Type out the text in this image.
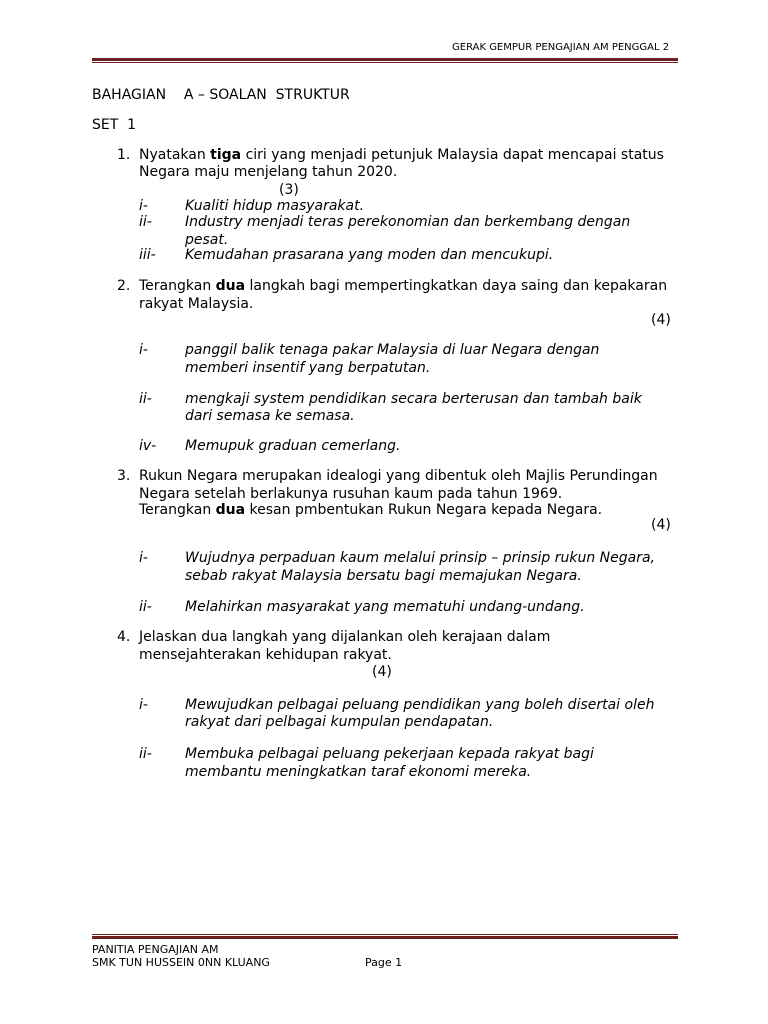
GERAK GEMPUR PENGAJIAN AM PENGGAL 2
BAHAGIAN    A – SOALAN  STRUKTUR
SET  1
1. Nyatakan tiga ciri yang menjadi petunjuk Malaysia dapat mencapai status
Negara maju menjelang tahun 2020.
(3)
i-	Kualiti hidup masyarakat.
ii- Industry menjadi teras perekonomian dan berkembang dengan
pesat.
iii- Kemudahan prasarana yang moden dan mencukupi.
2. Terangkan dua langkah bagi mempertingkatkan daya saing dan kepakaran
rakyat Malaysia.
(4)
i-	panggil balik tenaga pakar Malaysia di luar Negara dengan
memberi insentif yang berpatutan.
ii- mengkaji system pendidikan secara berterusan dan tambah baik
dari semasa ke semasa.
iv- Memupuk graduan cemerlang.
3. Rukun Negara merupakan idealogi yang dibentuk oleh Majlis Perundingan
Negara setelah berlakunya rusuhan kaum pada tahun 1969.
Terangkan dua kesan pmbentukan Rukun Negara kepada Negara.
(4)
i-	Wujudnya perpaduan kaum melalui prinsip – prinsip rukun Negara,
sebab rakyat Malaysia bersatu bagi memajukan Negara.
ii- Melahirkan masyarakat yang mematuhi undang-undang.
4. Jelaskan dua langkah yang dijalankan oleh kerajaan dalam
mensejahterakan kehidupan rakyat.
(4)
i-	Mewujudkan pelbagai peluang pendidikan yang boleh disertai oleh
rakyat dari pelbagai kumpulan pendapatan.
ii- Membuka pelbagai peluang pekerjaan kepada rakyat bagi
membantu meningkatkan taraf ekonomi mereka.
PANITIA PENGAJIAN AM
SMK TUN HUSSEIN 0NN KLUANG	Page 1
